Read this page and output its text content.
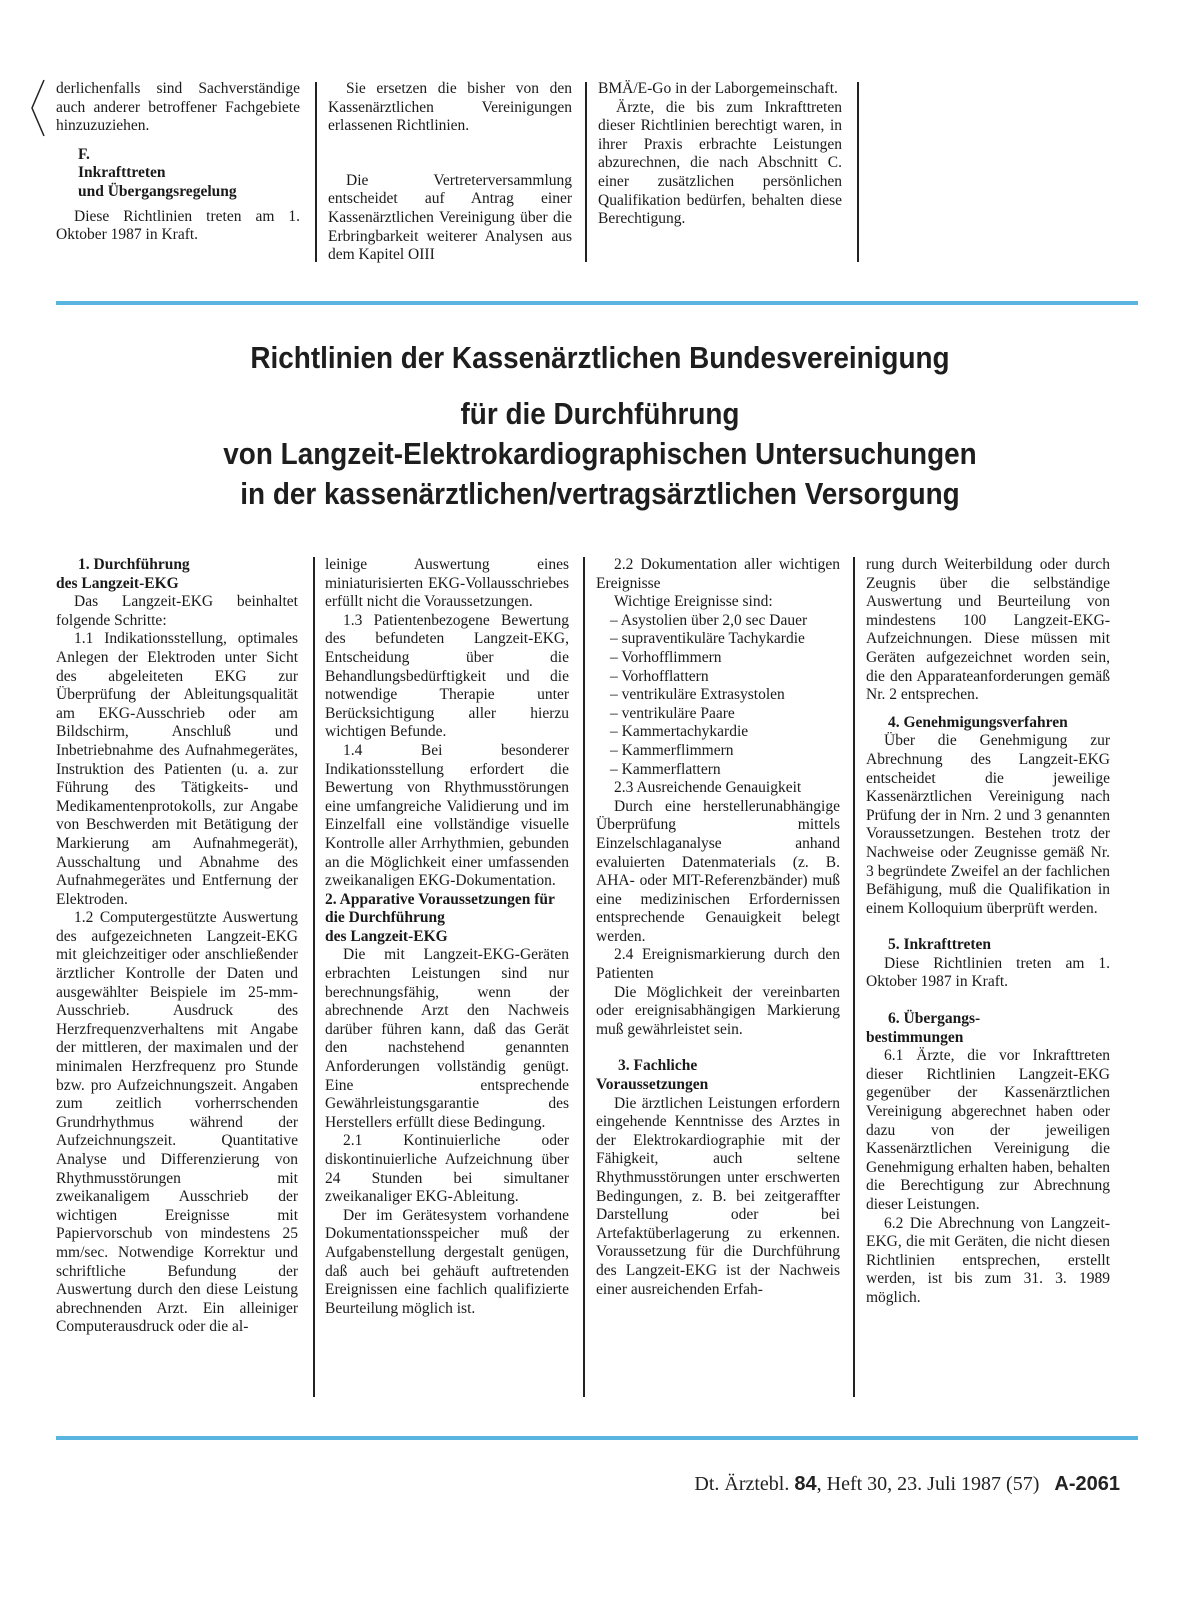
derlichenfalls sind Sachverständige auch anderer betroffener Fachgebiete hinzuzuziehen.

F.
Inkrafttreten
und Übergangsregelung

Diese Richtlinien treten am 1. Oktober 1987 in Kraft.

Sie ersetzen die bisher von den Kassenärztlichen Vereinigungen erlassenen Richtlinien.

Die Vertreterversammlung entscheidet auf Antrag einer Kassenärztlichen Vereinigung über die Erbringbarkeit weiterer Analysen aus dem Kapitel OIII

BMÄ/E-Go in der Laborgemeinschaft.

Ärzte, die bis zum Inkrafttreten dieser Richtlinien berechtigt waren, in ihrer Praxis erbrachte Leistungen abzurechnen, die nach Abschnitt C. einer zusätzlichen persönlichen Qualifikation bedürfen, behalten diese Berechtigung.

Richtlinien der Kassenärztlichen Bundesvereinigung
für die Durchführung
von Langzeit-Elektrokardiographischen Untersuchungen
in der kassenärztlichen/vertragsärztlichen Versorgung
1. Durchführung
des Langzeit-EKG

Das Langzeit-EKG beinhaltet folgende Schritte:

1.1 Indikationsstellung, optimales Anlegen der Elektroden unter Sicht des abgeleiteten EKG zur Überprüfung der Ableitungsqualität am EKG-Ausschrieb oder am Bildschirm, Anschluß und Inbetriebnahme des Aufnahmegerätes, Instruktion des Patienten (u. a. zur Führung des Tätigkeits- und Medikamentenprotokolls, zur Angabe von Beschwerden mit Betätigung der Markierung am Aufnahmegerät), Ausschaltung und Abnahme des Aufnahmegerätes und Entfernung der Elektroden.

1.2 Computergestützte Auswertung des aufgezeichneten Langzeit-EKG mit gleichzeitiger oder anschließender ärztlicher Kontrolle der Daten und ausgewählter Beispiele im 25-mm-Ausschrieb. Ausdruck des Herzfrequenzverhaltens mit Angabe der mittleren, der maximalen und der minimalen Herzfrequenz pro Stunde bzw. pro Aufzeichnungszeit. Angaben zum zeitlich vorherrschenden Grundrhythmus während der Aufzeichnungszeit. Quantitative Analyse und Differenzierung von Rhythmusstörungen mit zweikanaligem Ausschrieb der wichtigen Ereignisse mit Papiervorschub von mindestens 25 mm/sec. Notwendige Korrektur und schriftliche Befundung der Auswertung durch den diese Leistung abrechnenden Arzt. Ein alleiniger Computerausdruck oder die al-

leinige Auswertung eines miniaturisierten EKG-Vollausschriebes erfüllt nicht die Voraussetzungen.

1.3 Patientenbezogene Bewertung des befundeten Langzeit-EKG, Entscheidung über die Behandlungsbedürftigkeit und die notwendige Therapie unter Berücksichtigung aller hierzu wichtigen Befunde.

1.4 Bei besonderer Indikationsstellung erfordert die Bewertung von Rhythmusstörungen eine umfangreiche Validierung und im Einzelfall eine vollständige visuelle Kontrolle aller Arrhythmien, gebunden an die Möglichkeit einer umfassenden zweikanaligen EKG-Dokumentation.

2. Apparative Voraussetzungen für die Durchführung
des Langzeit-EKG

Die mit Langzeit-EKG-Geräten erbrachten Leistungen sind nur berechnungsfähig, wenn der abrechnende Arzt den Nachweis darüber führen kann, daß das Gerät den nachstehend genannten Anforderungen vollständig genügt. Eine entsprechende Gewährleistungsgarantie des Herstellers erfüllt diese Bedingung.

2.1 Kontinuierliche oder diskontinuierliche Aufzeichnung über 24 Stunden bei simultaner zweikanaliger EKG-Ableitung.

Der im Gerätesystem vorhandene Dokumentationsspeicher muß der Aufgabenstellung dergestalt genügen, daß auch bei gehäuft auftretenden Ereignissen eine fachlich qualifizierte Beurteilung möglich ist.

2.2 Dokumentation aller wichtigen Ereignisse

Wichtige Ereignisse sind:

– Asystolien über 2,0 sec Dauer
– supraventikuläre Tachykardie
– Vorhofflimmern
– Vorhofflattern
– ventrikuläre Extrasystolen
– ventrikuläre Paare
– Kammertachykardie
– Kammerflimmern
– Kammerflattern

2.3 Ausreichende Genauigkeit

Durch eine herstellerunabhängige Überprüfung mittels Einzelschlaganalyse anhand evaluierten Datenmaterials (z. B. AHA- oder MIT-Referenzbänder) muß eine medizinischen Erfordernissen entsprechende Genauigkeit belegt werden.

2.4 Ereignismarkierung durch den Patienten

Die Möglichkeit der vereinbarten oder ereignisabhängigen Markierung muß gewährleistet sein.

3. Fachliche
Voraussetzungen

Die ärztlichen Leistungen erfordern eingehende Kenntnisse des Arztes in der Elektrokardiographie mit der Fähigkeit, auch seltene Rhythmusstörungen unter erschwerten Bedingungen, z. B. bei zeitgeraffter Darstellung oder bei Artefaktüberlagerung zu erkennen. Voraussetzung für die Durchführung des Langzeit-EKG ist der Nachweis einer ausreichenden Erfah-

rung durch Weiterbildung oder durch Zeugnis über die selbständige Auswertung und Beurteilung von mindestens 100 Langzeit-EKG-Aufzeichnungen. Diese müssen mit Geräten aufgezeichnet worden sein, die den Apparateanforderungen gemäß Nr. 2 entsprechen.

4. Genehmigungsverfahren

Über die Genehmigung zur Abrechnung des Langzeit-EKG entscheidet die jeweilige Kassenärztlichen Vereinigung nach Prüfung der in Nrn. 2 und 3 genannten Voraussetzungen. Bestehen trotz der Nachweise oder Zeugnisse gemäß Nr. 3 begründete Zweifel an der fachlichen Befähigung, muß die Qualifikation in einem Kolloquium überprüft werden.

5. Inkrafttreten

Diese Richtlinien treten am 1. Oktober 1987 in Kraft.

6. Übergangs-
bestimmungen

6.1 Ärzte, die vor Inkrafttreten dieser Richtlinien Langzeit-EKG gegenüber der Kassenärztlichen Vereinigung abgerechnet haben oder dazu von der jeweiligen Kassenärztlichen Vereinigung die Genehmigung erhalten haben, behalten die Berechtigung zur Abrechnung dieser Leistungen.

6.2 Die Abrechnung von Langzeit-EKG, die mit Geräten, die nicht diesen Richtlinien entsprechen, erstellt werden, ist bis zum 31. 3. 1989 möglich.

Dt. Ärztebl. 84, Heft 30, 23. Juli 1987 (57) A-2061
